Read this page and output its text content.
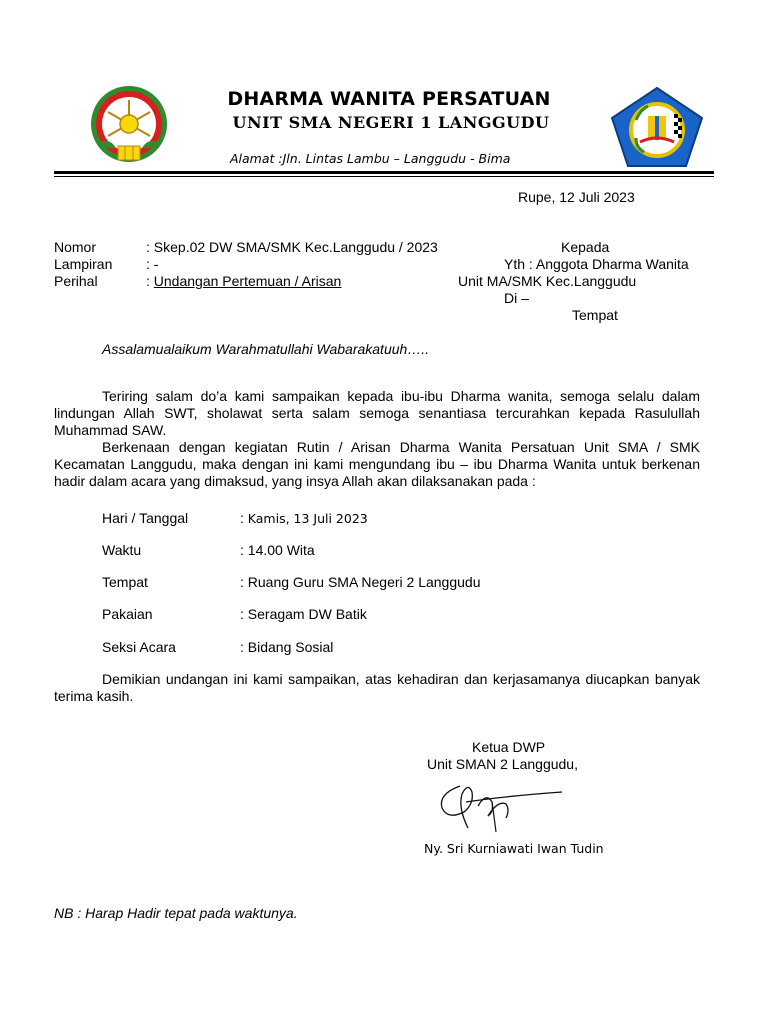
DHARMA WANITA PERSATUAN
UNIT SMA NEGERI 1 LANGGUDU
Alamat :Jln. Lintas Lambu – Langgudu - Bima
Rupe, 12 Juli 2023
Nomor	: Skep.02 DW SMA/SMK Kec.Langgudu / 2023
Lampiran : -
Perihal	: Undangan Pertemuan / Arisan
Kepada
Yth : Anggota Dharma Wanita
Unit MA/SMK Kec.Langgudu
Di –
Tempat
Assalamualaikum Warahmatullahi Wabarakatuuh…..
Teriring salam do’a kami sampaikan kepada ibu-ibu Dharma wanita, semoga selalu dalam lindungan Allah SWT, sholawat serta salam semoga senantiasa tercurahkan kepada Rasulullah Muhammad SAW.
Berkenaan dengan kegiatan Rutin / Arisan Dharma Wanita Persatuan Unit SMA / SMK Kecamatan Langgudu, maka dengan ini kami mengundang ibu – ibu Dharma Wanita untuk berkenan hadir dalam acara yang dimaksud, yang insya Allah akan dilaksanakan pada :
Hari / Tanggal	: Kamis, 13 Juli 2023
Waktu	: 14.00 Wita
Tempat	: Ruang Guru SMA Negeri 2 Langgudu
Pakaian	: Seragam DW Batik
Seksi Acara	: Bidang Sosial
Demikian undangan ini kami sampaikan, atas kehadiran dan kerjasamanya diucapkan banyak terima kasih.
Ketua DWP
Unit SMAN 2 Langgudu,
Ny. Sri Kurniawati Iwan Tudin
NB : Harap Hadir tepat pada waktunya.
